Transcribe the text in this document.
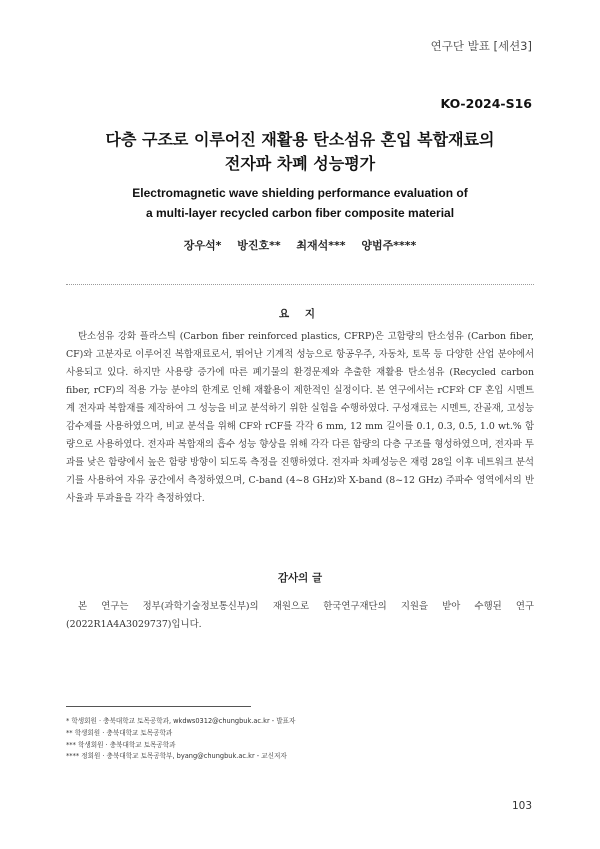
연구단 발표 [세션3]
KO-2024-S16
다층 구조로 이루어진 재활용 탄소섬유 혼입 복합재료의
전자파 차폐 성능평가
Electromagnetic wave shielding performance evaluation of
a multi-layer recycled carbon fiber composite material
장우석* 방진호** 최재석*** 양범주****
요 지
탄소섬유 강화 플라스틱 (Carbon fiber reinforced plastics, CFRP)은 고함량의 탄소섬유 (Carbon fiber, CF)와 고분자로 이루어진 복합재료로서, 뛰어난 기계적 성능으로 항공우주, 자동차, 토목 등 다양한 산업 분야에서 사용되고 있다. 하지만 사용량 증가에 따른 폐기물의 환경문제와 추출한 재활용 탄소섬유 (Recycled carbon fiber, rCF)의 적용 가능 분야의 한계로 인해 재활용이 제한적인 실정이다. 본 연구에서는 rCF와 CF 혼입 시멘트계 전자파 복합재를 제작하여 그 성능을 비교 분석하기 위한 실험을 수행하였다. 구성재료는 시멘트, 잔골재, 고성능 감수제를 사용하였으며, 비교 분석을 위해 CF와 rCF를 각각 6 mm, 12 mm 길이를 0.1, 0.3, 0.5, 1.0 wt.% 함량으로 사용하였다. 전자파 복합재의 흡수 성능 향상을 위해 각각 다른 함량의 다층 구조를 형성하였으며, 전자파 투과를 낮은 함량에서 높은 함량 방향이 되도록 측정을 진행하였다. 전자파 차폐성능은 재령 28일 이후 네트워크 분석기를 사용하여 자유 공간에서 측정하였으며, C-band (4~8 GHz)와 X-band (8~12 GHz) 주파수 영역에서의 반사율과 투과율을 각각 측정하였다.
감사의 글
본 연구는 정부(과학기술정보통신부)의 재원으로 한국연구재단의 지원을 받아 수행된 연구(2022R1A4A3029737)입니다.
* 학생회원 · 충북대학교 토목공학과, wkdws0312@chungbuk.ac.kr - 발표자
** 학생회원 · 충북대학교 토목공학과
*** 학생회원 · 충북대학교 토목공학과
**** 정회원 · 충북대학교 토목공학부, byang@chungbuk.ac.kr - 교신저자
103
